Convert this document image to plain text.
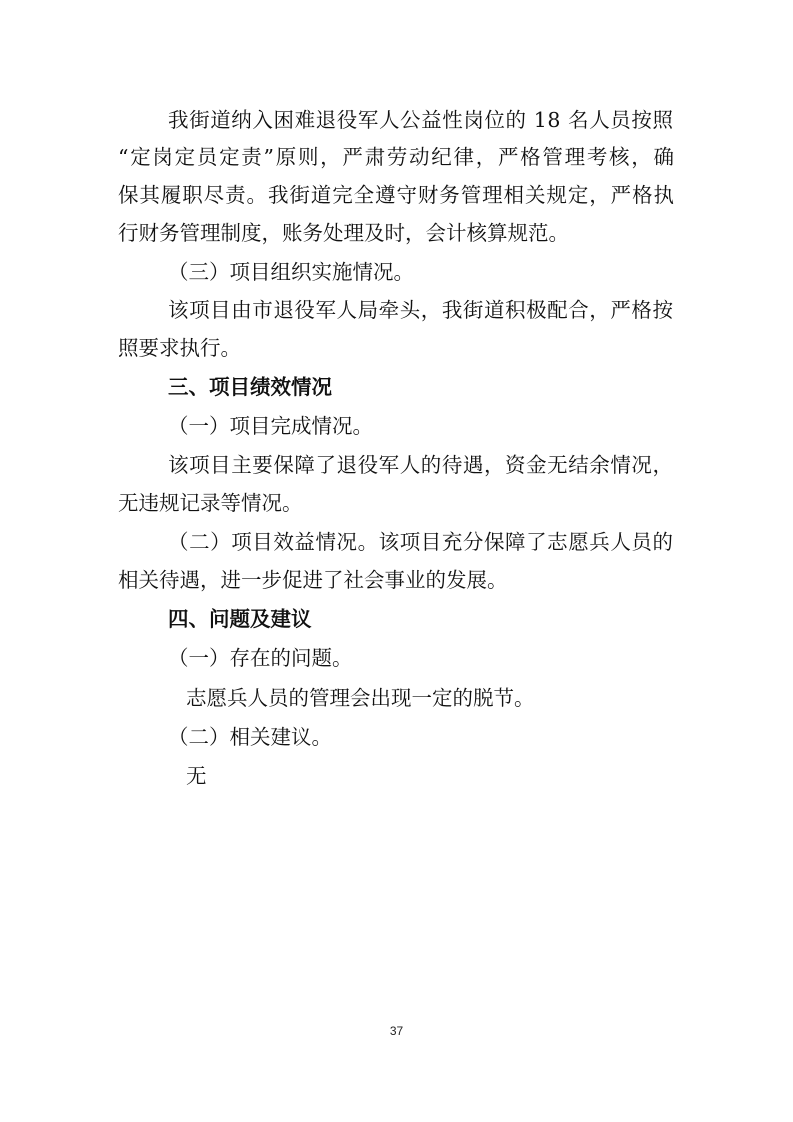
我街道纳入困难退役军人公益性岗位的 18 名人员按照
“定岗定员定责”原则，严肃劳动纪律，严格管理考核，确
保其履职尽责。我街道完全遵守财务管理相关规定，严格执
行财务管理制度，账务处理及时，会计核算规范。
（三）项目组织实施情况。
该项目由市退役军人局牵头，我街道积极配合，严格按
照要求执行。
三、项目绩效情况
（一）项目完成情况。
该项目主要保障了退役军人的待遇，资金无结余情况，
无违规记录等情况。
（二）项目效益情况。该项目充分保障了志愿兵人员的
相关待遇，进一步促进了社会事业的发展。
四、问题及建议
（一）存在的问题。
志愿兵人员的管理会出现一定的脱节。
（二）相关建议。
无
37
